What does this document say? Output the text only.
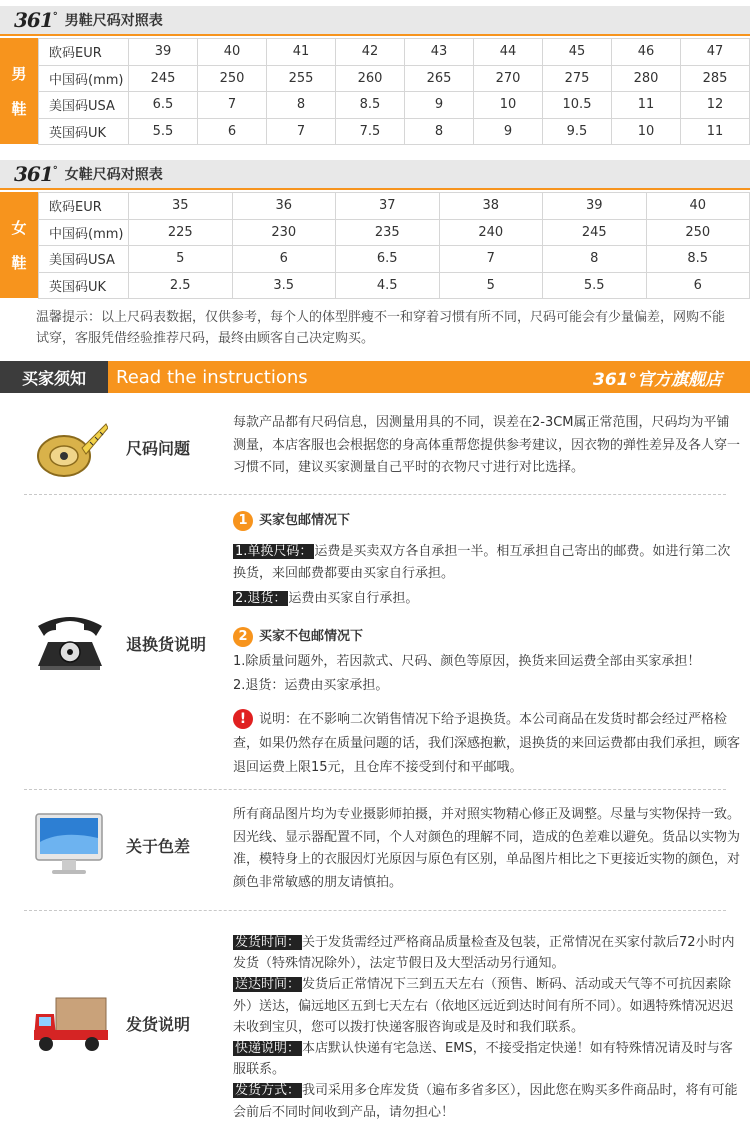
361° 男鞋尺码对照表
男
鞋
欧码EUR	39	40	41	42	43	44	45	46	47
中国码(mm)	245	250	255	260	265	270	275	280	285
美国码USA	6.5	7	8	8.5	9	10	10.5	11	12
英国码UK	5.5	6	7	7.5	8	9	9.5	10	11
361° 女鞋尺码对照表
女
鞋
欧码EUR	35	36	37	38	39	40
中国码(mm)	225	230	235	240	245	250
美国码USA	5	6	6.5	7	8	8.5
英国码UK	2.5	3.5	4.5	5	5.5	6
温馨提示：以上尺码表数据，仅供参考，每个人的体型胖瘦不一和穿着习惯有所不同，尺码可能会有少量偏差，网购不能试穿，客服凭借经验推荐尺码，最终由顾客自己决定购买。
买家须知	Read the instructions	361°官方旗舰店
尺码问题
每款产品都有尺码信息，因测量用具的不同，误差在2-3CM属正常范围，尺码均为平铺测量，本店客服也会根据您的身高体重帮您提供参考建议，因衣物的弹性差异及各人穿一习惯不同，建议买家测量自己平时的衣物尺寸进行对比选择。
退换货说明
1 买家包邮情况下
1.单换尺码： 运费是买卖双方各自承担一半。相互承担自己寄出的邮费。如进行第二次换货，来回邮费都要由买家自行承担。
2.退货： 运费由买家自行承担。
2 买家不包邮情况下
1.除质量问题外，若因款式、尺码、颜色等原因，换货来回运费全部由买家承担！
2.退货：运费由买家承担。
! 说明：在不影响二次销售情况下给予退换货。本公司商品在发货时都会经过严格检查，如果仍然存在质量问题的话，我们深感抱歉，退换货的来回运费都由我们承担，顾客退回运费上限15元，且仓库不接受到付和平邮哦。
关于色差
所有商品图片均为专业摄影师拍摄，并对照实物精心修正及调整。尽量与实物保持一致。因光线、显示器配置不同，个人对颜色的理解不同，造成的色差难以避免。货品以实物为准，模特身上的衣服因灯光原因与原色有区别，单品图片相比之下更接近实物的颜色，对颜色非常敏感的朋友请慎拍。
发货说明
发货时间： 关于发货需经过严格商品质量检查及包装，正常情况在买家付款后72小时内发货（特殊情况除外），法定节假日及大型活动另行通知。
送达时间： 发货后正常情况下三到五天左右（预售、断码、活动或天气等不可抗因素除外）送达，偏远地区五到七天左右（依地区远近到达时间有所不同）。如遇特殊情况迟迟未收到宝贝，您可以拨打快递客服咨询或是及时和我们联系。
快递说明： 本店默认快递有宅急送、EMS，不接受指定快递！如有特殊情况请及时与客服联系。
发货方式： 我司采用多仓库发货（遍布多省多区），因此您在购买多件商品时，将有可能会前后不同时间收到产品，请勿担心！
